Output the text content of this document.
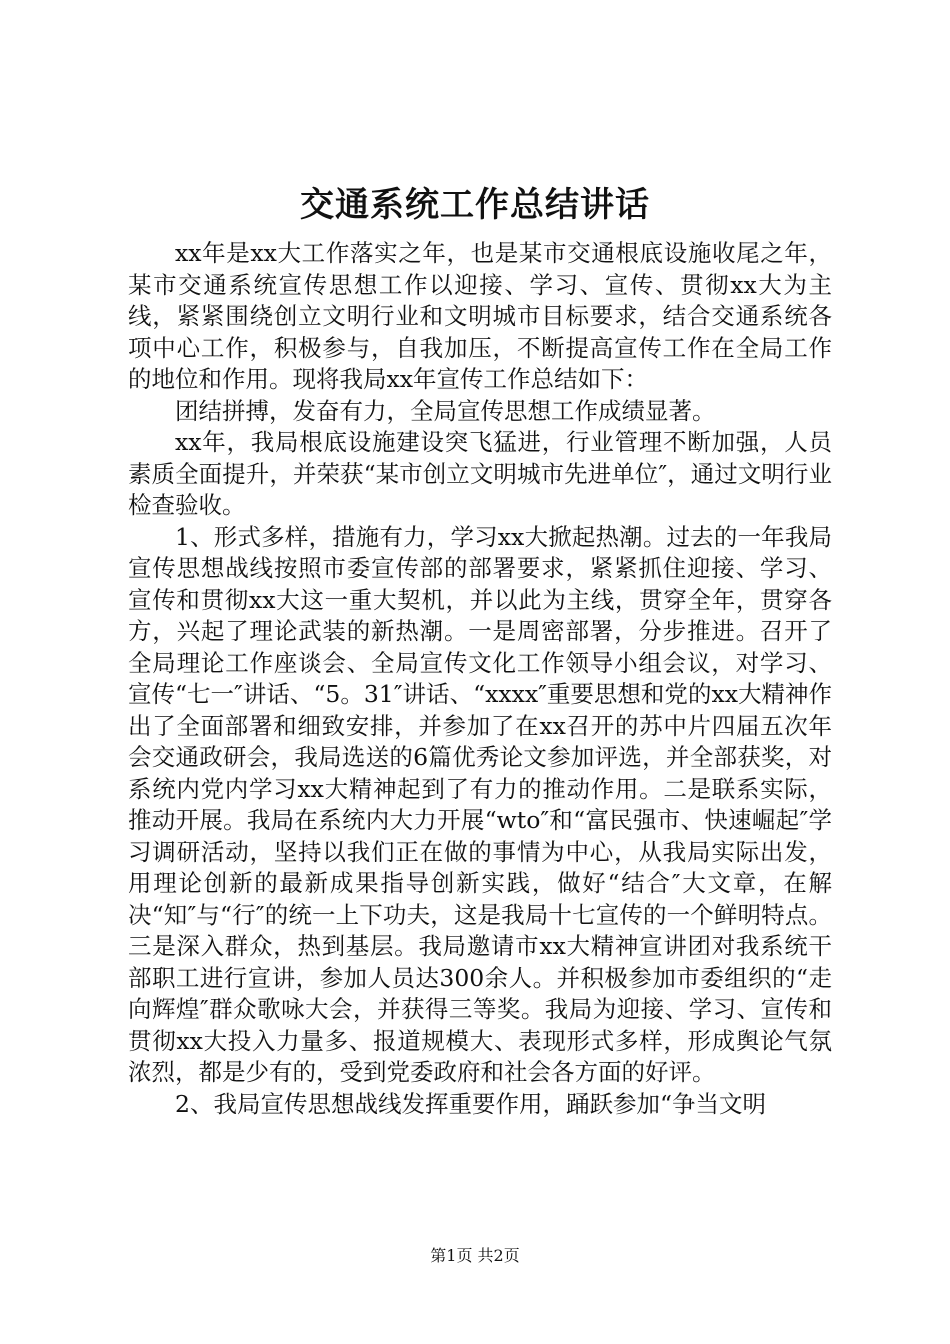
交通系统工作总结讲话

xx年是xx大工作落实之年，也是某市交通根底设施收尾之年，某市交通系统宣传思想工作以迎接、学习、宣传、贯彻xx大为主线，紧紧围绕创立文明行业和文明城市目标要求，结合交通系统各项中心工作，积极参与，自我加压，不断提高宣传工作在全局工作的地位和作用。现将我局xx年宣传工作总结如下：

团结拼搏，发奋有力，全局宣传思想工作成绩显著。

xx年，我局根底设施建设突飞猛进，行业管理不断加强，人员素质全面提升，并荣获“某市创立文明城市先进单位″，通过文明行业检查验收。

1、形式多样，措施有力，学习xx大掀起热潮。过去的一年我局宣传思想战线按照市委宣传部的部署要求，紧紧抓住迎接、学习、宣传和贯彻xx大这一重大契机，并以此为主线，贯穿全年，贯穿各方，兴起了理论武装的新热潮。一是周密部署，分步推进。召开了全局理论工作座谈会、全局宣传文化工作领导小组会议，对学习、宣传“七一″讲话、“5。31″讲话、“xxxx″重要思想和党的xx大精神作出了全面部署和细致安排，并参加了在xx召开的苏中片四届五次年会交通政研会，我局选送的6篇优秀论文参加评选，并全部获奖，对系统内党内学习xx大精神起到了有力的推动作用。二是联系实际，推动开展。我局在系统内大力开展“wto″和“富民强市、快速崛起″学习调研活动，坚持以我们正在做的事情为中心，从我局实际出发，用理论创新的最新成果指导创新实践，做好“结合″大文章，在解决“知″与“行″的统一上下功夫，这是我局十七宣传的一个鲜明特点。三是深入群众，热到基层。我局邀请市xx大精神宣讲团对我系统干部职工进行宣讲，参加人员达300余人。并积极参加市委组织的“走向辉煌″群众歌咏大会，并获得三等奖。我局为迎接、学习、宣传和贯彻xx大投入力量多、报道规模大、表现形式多样，形成舆论气氛浓烈，都是少有的，受到党委政府和社会各方面的好评。

2、我局宣传思想战线发挥重要作用，踊跃参加“争当文明

第1页 共2页
